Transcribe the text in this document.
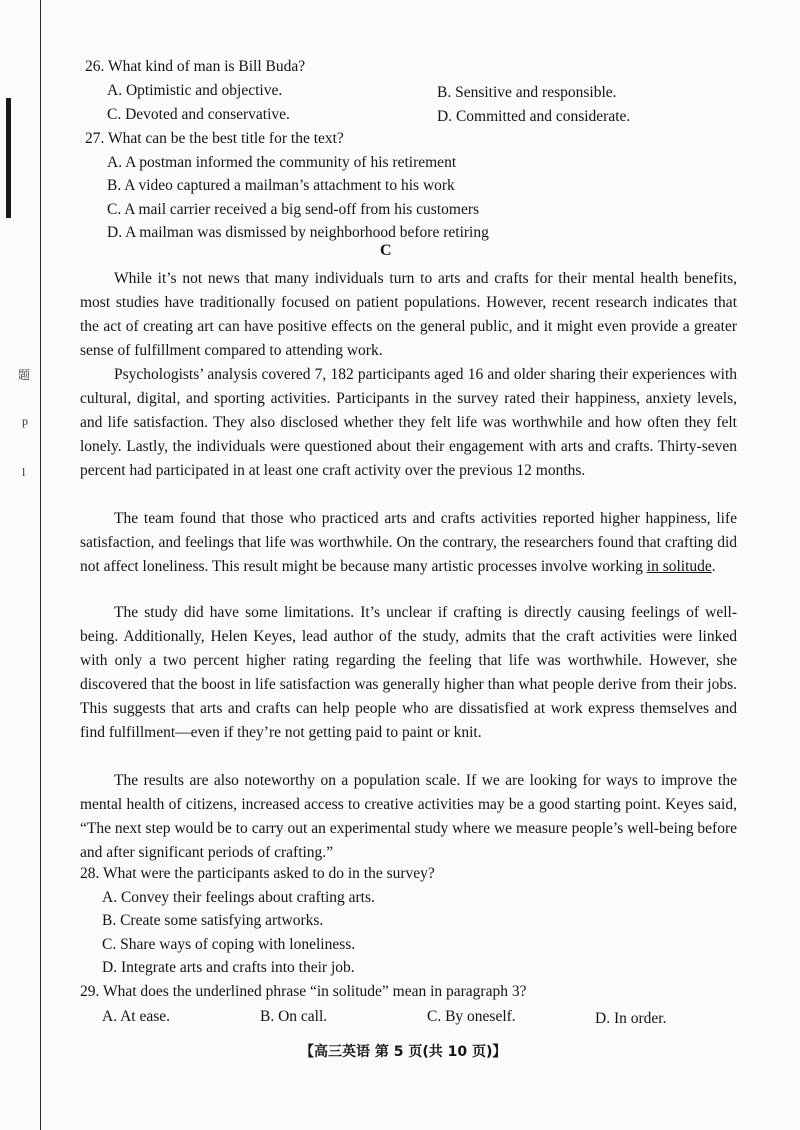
题
p
l
26. What kind of man is Bill Buda?
A. Optimistic and objective.	B. Sensitive and responsible.
C. Devoted and conservative.	D. Committed and considerate.
27. What can be the best title for the text?
A. A postman informed the community of his retirement
B. A video captured a mailman’s attachment to his work
C. A mail carrier received a big send-off from his customers
D. A mailman was dismissed by neighborhood before retiring
C
While it’s not news that many individuals turn to arts and crafts for their mental health benefits, most studies have traditionally focused on patient populations. However, recent research indicates that the act of creating art can have positive effects on the general public, and it might even provide a greater sense of fulfillment compared to attending work.
Psychologists’ analysis covered 7, 182 participants aged 16 and older sharing their experiences with cultural, digital, and sporting activities. Participants in the survey rated their happiness, anxiety levels, and life satisfaction. They also disclosed whether they felt life was worthwhile and how often they felt lonely. Lastly, the individuals were questioned about their engagement with arts and crafts. Thirty-seven percent had participated in at least one craft activity over the previous 12 months.
The team found that those who practiced arts and crafts activities reported higher happiness, life satisfaction, and feelings that life was worthwhile. On the contrary, the researchers found that crafting did not affect loneliness. This result might be because many artistic processes involve working in solitude.
The study did have some limitations. It’s unclear if crafting is directly causing feelings of well-being. Additionally, Helen Keyes, lead author of the study, admits that the craft activities were linked with only a two percent higher rating regarding the feeling that life was worthwhile. However, she discovered that the boost in life satisfaction was generally higher than what people derive from their jobs. This suggests that arts and crafts can help people who are dissatisfied at work express themselves and find fulfillment—even if they’re not getting paid to paint or knit.
The results are also noteworthy on a population scale. If we are looking for ways to improve the mental health of citizens, increased access to creative activities may be a good starting point. Keyes said, “The next step would be to carry out an experimental study where we measure people’s well-being before and after significant periods of crafting.”
28. What were the participants asked to do in the survey?
A. Convey their feelings about crafting arts.
B. Create some satisfying artworks.
C. Share ways of coping with loneliness.
D. Integrate arts and crafts into their job.
29. What does the underlined phrase “in solitude” mean in paragraph 3?
A. At ease.	B. On call.	C. By oneself.	D. In order.
【高三英语 第 5 页(共 10 页)】
